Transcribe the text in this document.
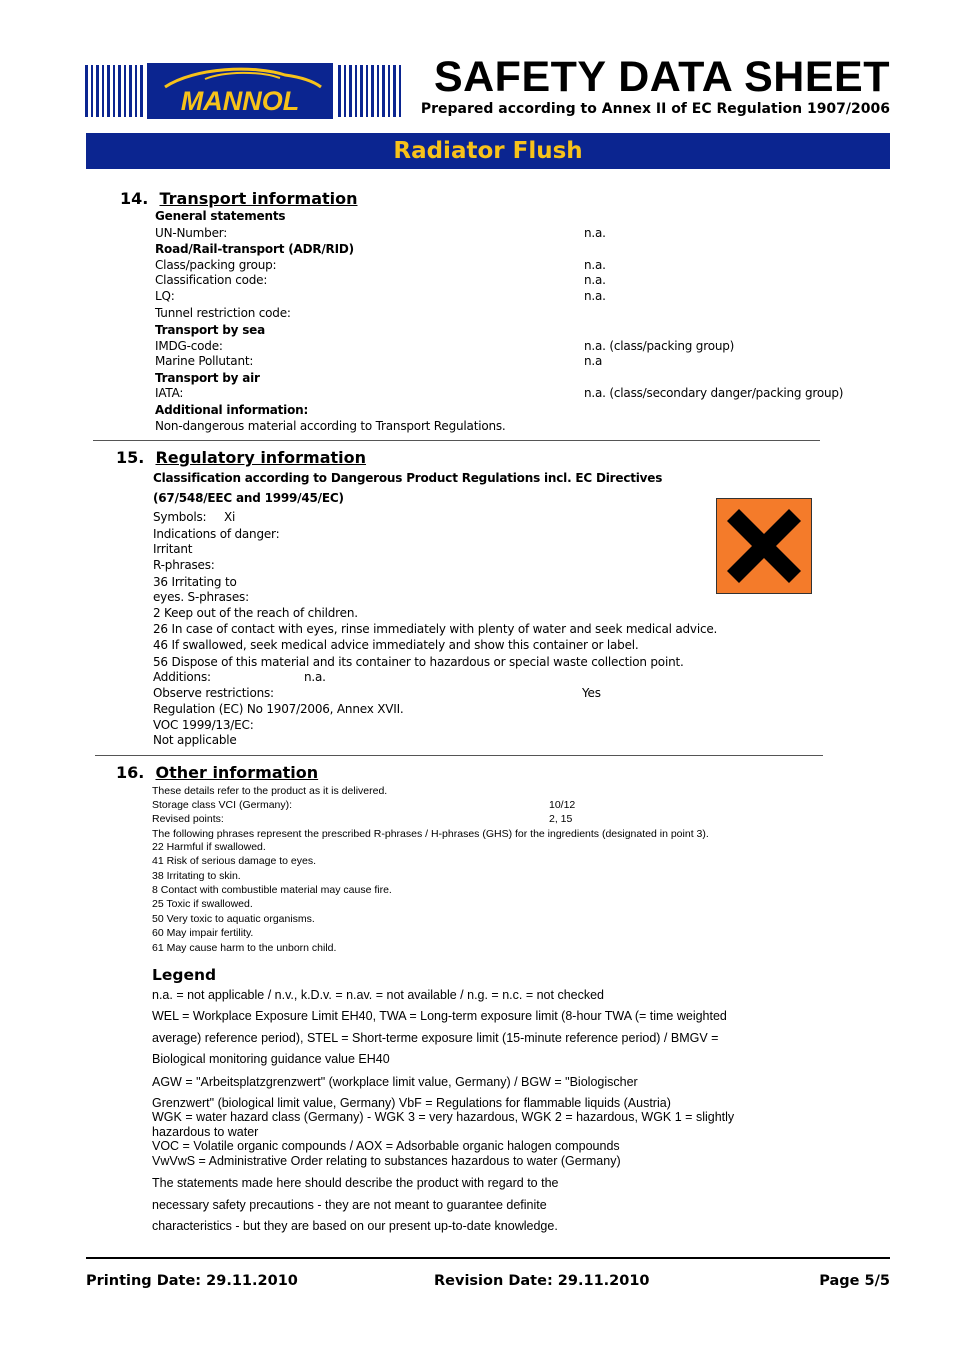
MANNOL	SAFETY DATA SHEET
Prepared according to Annex II of EC Regulation 1907/2006
Radiator Flush
14. Transport information
General statements
UN-Number:	n.a.
Road/Rail-transport (ADR/RID)
Class/packing group:	n.a.
Classification code:	n.a.
LQ:	n.a.
Tunnel restriction code:
Transport by sea
IMDG-code:	n.a. (class/packing group)
Marine Pollutant:	n.a
Transport by air
IATA:	n.a. (class/secondary danger/packing group)
Additional information:
Non-dangerous material according to Transport Regulations.
15. Regulatory information
Classification according to Dangerous Product Regulations incl. EC Directives
(67/548/EEC and 1999/45/EC)
Symbols: Xi
Indications of danger:
Irritant
R-phrases:
36 Irritating to
eyes. S-phrases:
2 Keep out of the reach of children.
26 In case of contact with eyes, rinse immediately with plenty of water and seek medical advice.
46 If swallowed, seek medical advice immediately and show this container or label.
56 Dispose of this material and its container to hazardous or special waste collection point.
Additions:	n.a.
Observe restrictions:	Yes
Regulation (EC) No 1907/2006, Annex XVII.
VOC 1999/13/EC:
Not applicable
16. Other information
These details refer to the product as it is delivered.
Storage class VCI (Germany):	10/12
Revised points:	2, 15
The following phrases represent the prescribed R-phrases / H-phrases (GHS) for the ingredients (designated in point 3).
22 Harmful if swallowed.
41 Risk of serious damage to eyes.
38 Irritating to skin.
8 Contact with combustible material may cause fire.
25 Toxic if swallowed.
50 Very toxic to aquatic organisms.
60 May impair fertility.
61 May cause harm to the unborn child.
Legend
n.a. = not applicable / n.v., k.D.v. = n.av. = not available / n.g. = n.c. = not checked
WEL = Workplace Exposure Limit EH40, TWA = Long-term exposure limit (8-hour TWA (= time weighted
average) reference period), STEL = Short-terme exposure limit (15-minute reference period) / BMGV =
Biological monitoring guidance value EH40
AGW = "Arbeitsplatzgrenzwert" (workplace limit value, Germany) / BGW = "Biologischer
Grenzwert" (biological limit value, Germany) VbF = Regulations for flammable liquids (Austria)
WGK = water hazard class (Germany) - WGK 3 = very hazardous, WGK 2 = hazardous, WGK 1 = slightly
hazardous to water
VOC = Volatile organic compounds / AOX = Adsorbable organic halogen compounds
VwVwS = Administrative Order relating to substances hazardous to water (Germany)
The statements made here should describe the product with regard to the
necessary safety precautions - they are not meant to guarantee definite
characteristics - but they are based on our present up-to-date knowledge.
Printing Date: 29.11.2010	Revision Date: 29.11.2010	Page 5/5
